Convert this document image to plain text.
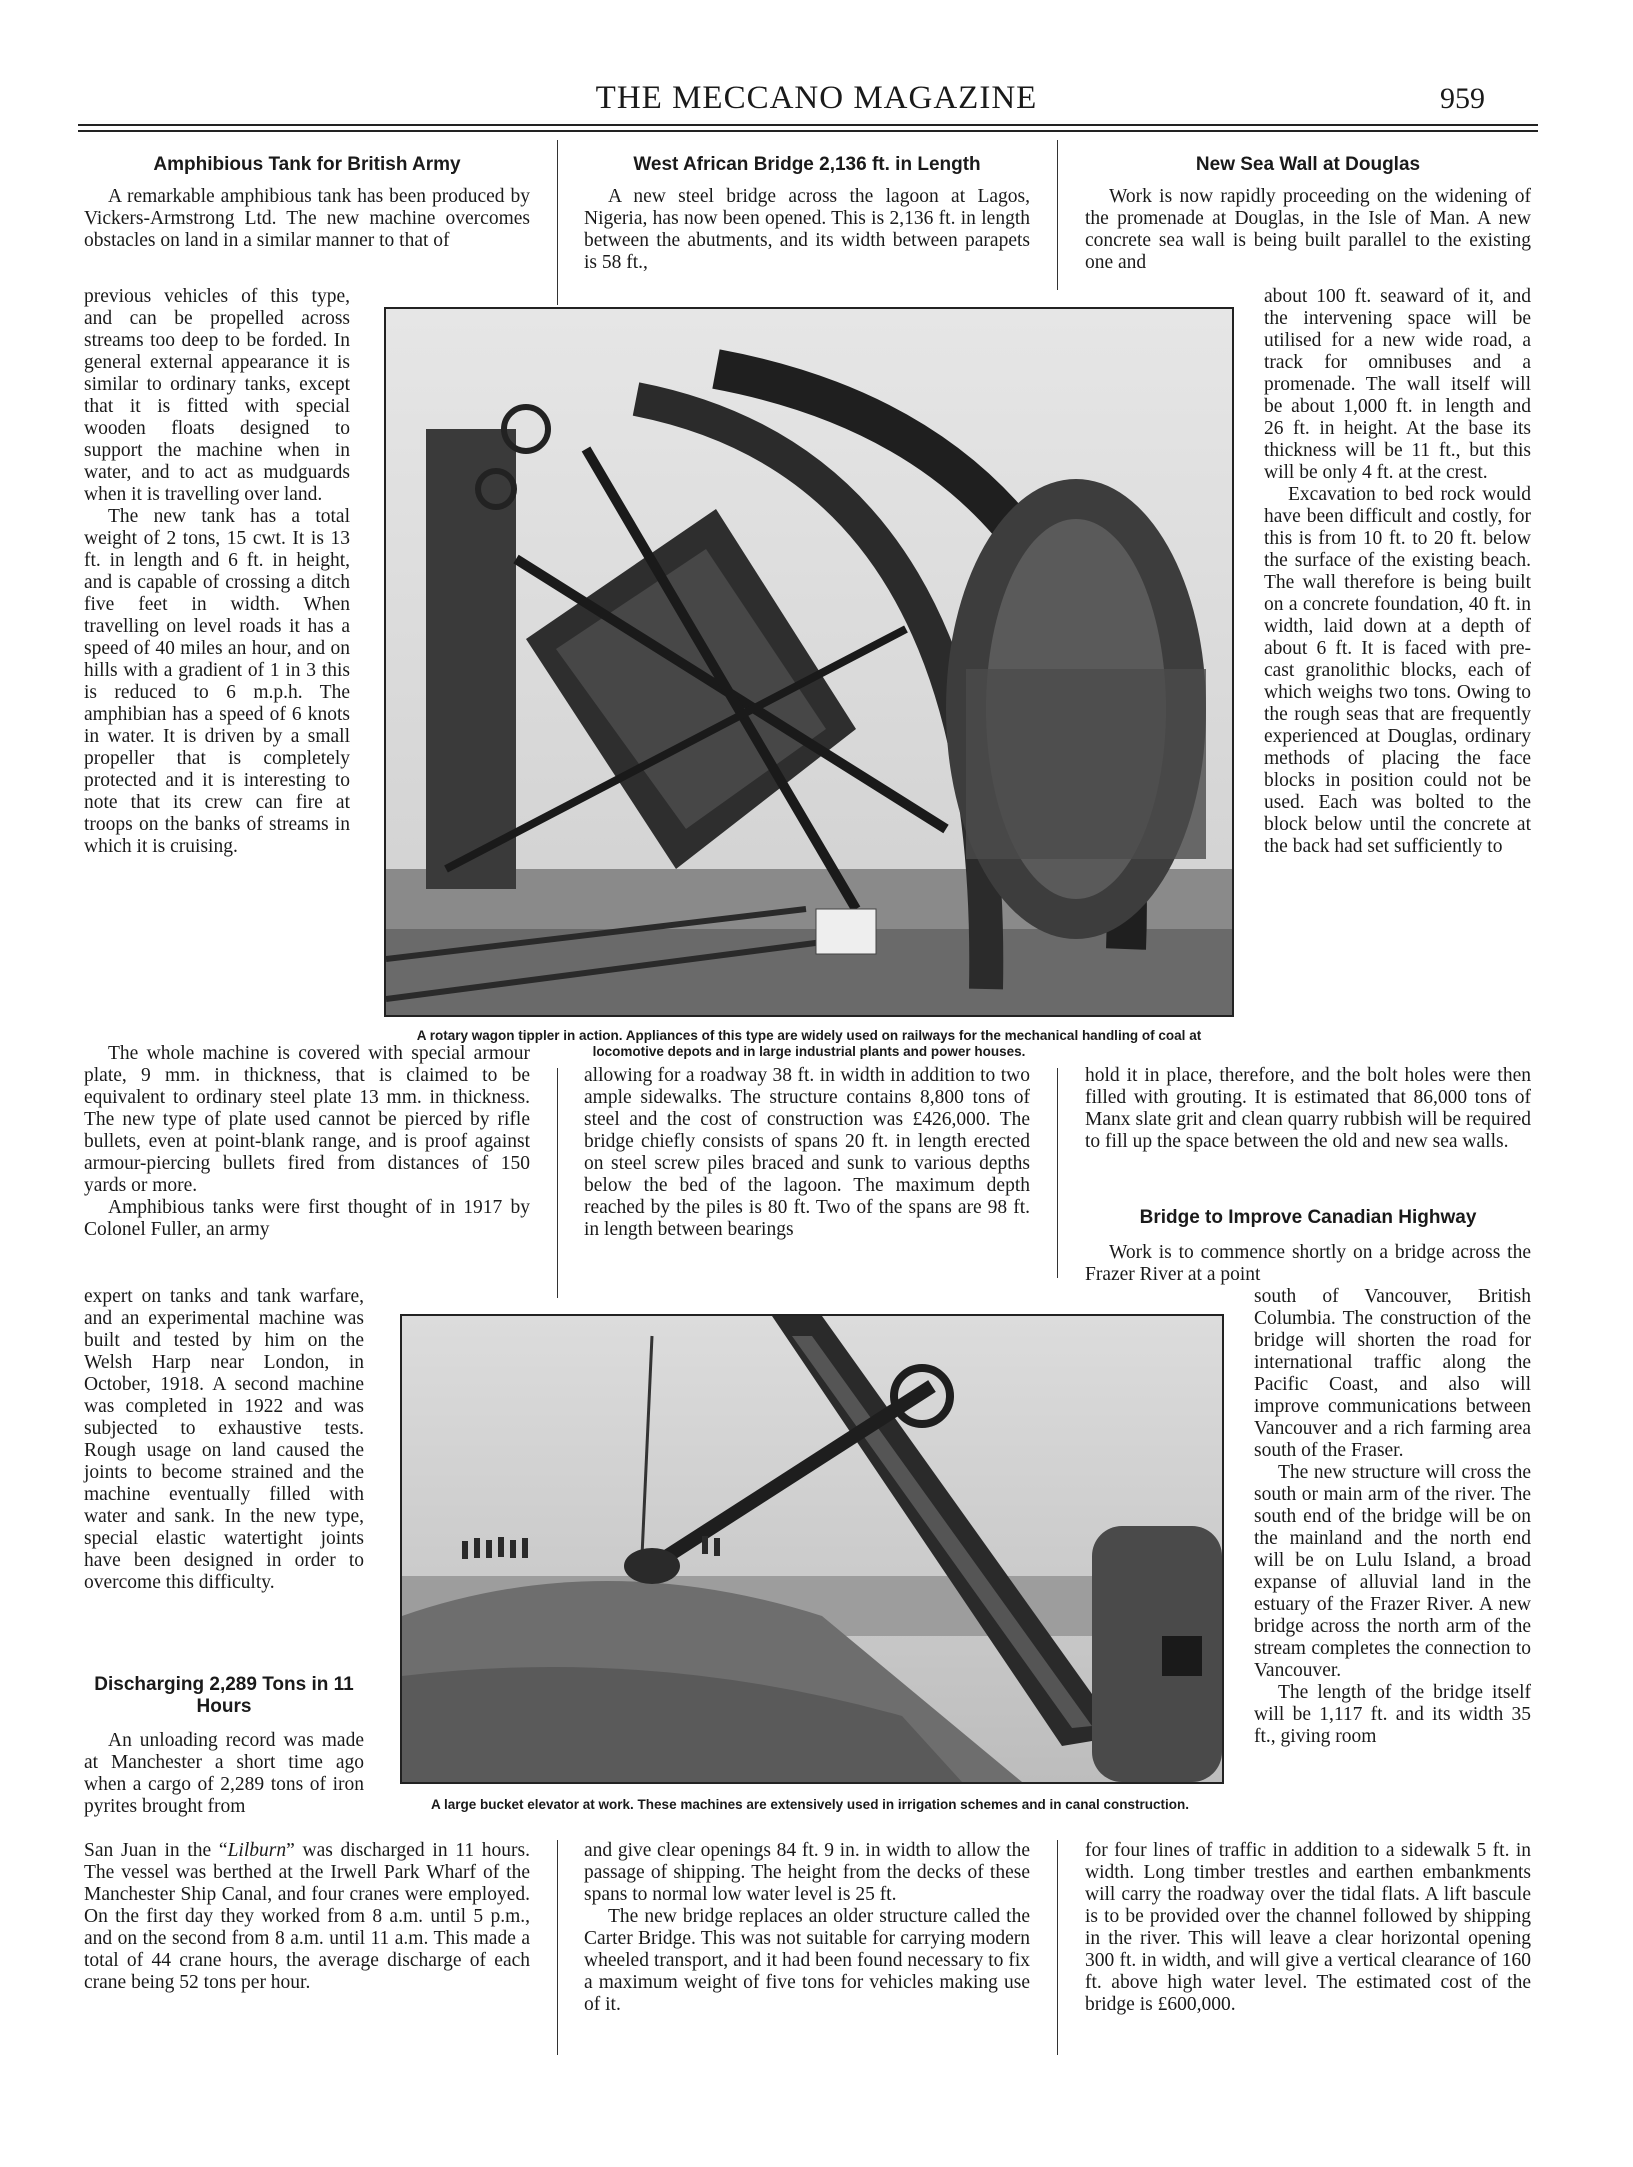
THE MECCANO MAGAZINE	959
Amphibious Tank for British Army

A remarkable amphibious tank has been produced by Vickers-Armstrong Ltd. The new machine overcomes obstacles on land in a similar manner to that of

previous vehicles of this type, and can be propelled across streams too deep to be forded. In general external appearance it is similar to ordinary tanks, except that it is fitted with special wooden floats designed to support the machine when in water, and to act as mudguards when it is travelling over land.

The new tank has a total weight of 2 tons, 15 cwt. It is 13 ft. in length and 6 ft. in height, and is capable of crossing a ditch five feet in width. When travelling on level roads it has a speed of 40 miles an hour, and on hills with a gradient of 1 in 3 this is reduced to 6 m.p.h. The amphibian has a speed of 6 knots in water. It is driven by a small propeller that is completely protected and it is interesting to note that its crew can fire at troops on the banks of streams in which it is cruising.

The whole machine is covered with special armour plate, 9 mm. in thickness, that is claimed to be equivalent to ordinary steel plate 13 mm. in thickness. The new type of plate used cannot be pierced by rifle bullets, even at point-blank range, and is proof against armour-piercing bullets fired from distances of 150 yards or more.

Amphibious tanks were first thought of in 1917 by Colonel Fuller, an army

expert on tanks and tank warfare, and an experimental machine was built and tested by him on the Welsh Harp near London, in October, 1918. A second machine was completed in 1922 and was subjected to exhaustive tests. Rough usage on land caused the joints to become strained and the machine eventually filled with water and sank. In the new type, special elastic watertight joints have been designed in order to overcome this difficulty.

Discharging 2,289 Tons in 11 Hours

An unloading record was made at Manchester a short time ago when a cargo of 2,289 tons of iron pyrites brought from

San Juan in the “Lilburn” was discharged in 11 hours. The vessel was berthed at the Irwell Park Wharf of the Manchester Ship Canal, and four cranes were employed. On the first day they worked from 8 a.m. until 5 p.m., and on the second from 8 a.m. until 11 a.m. This made a total of 44 crane hours, the average discharge of each crane being 52 tons per hour.

West African Bridge 2,136 ft. in Length

A new steel bridge across the lagoon at Lagos, Nigeria, has now been opened. This is 2,136 ft. in length between the abutments, and its width between parapets is 58 ft.,

allowing for a roadway 38 ft. in width in addition to two ample sidewalks. The structure contains 8,800 tons of steel and the cost of construction was £426,000. The bridge chiefly consists of spans 20 ft. in length erected on steel screw piles braced and sunk to various depths below the bed of the lagoon. The maximum depth reached by the piles is 80 ft. Two of the spans are 98 ft. in length between bearings

and give clear openings 84 ft. 9 in. in width to allow the passage of shipping. The height from the decks of these spans to normal low water level is 25 ft.

The new bridge replaces an older structure called the Carter Bridge. This was not suitable for carrying modern wheeled transport, and it had been found necessary to fix a maximum weight of five tons for vehicles making use of it.

New Sea Wall at Douglas

Work is now rapidly proceeding on the widening of the promenade at Douglas, in the Isle of Man. A new concrete sea wall is being built parallel to the existing one and

about 100 ft. seaward of it, and the intervening space will be utilised for a new wide road, a track for omnibuses and a promenade. The wall itself will be about 1,000 ft. in length and 26 ft. in height. At the base its thickness will be 11 ft., but this will be only 4 ft. at the crest.

Excavation to bed rock would have been difficult and costly, for this is from 10 ft. to 20 ft. below the surface of the existing beach. The wall therefore is being built on a concrete foundation, 40 ft. in width, laid down at a depth of about 6 ft. It is faced with pre-cast granolithic blocks, each of which weighs two tons. Owing to the rough seas that are frequently experienced at Douglas, ordinary methods of placing the face blocks in position could not be used. Each was bolted to the block below until the concrete at the back had set sufficiently to

hold it in place, therefore, and the bolt holes were then filled with grouting. It is estimated that 86,000 tons of Manx slate grit and clean quarry rubbish will be required to fill up the space between the old and new sea walls.

Bridge to Improve Canadian Highway

Work is to commence shortly on a bridge across the Frazer River at a point

south of Vancouver, British Columbia. The construction of the bridge will shorten the road for international traffic along the Pacific Coast, and also will improve communications between Vancouver and a rich farming area south of the Fraser.

The new structure will cross the south or main arm of the river. The south end of the bridge will be on the mainland and the north end will be on Lulu Island, a broad expanse of alluvial land in the estuary of the Frazer River. A new bridge across the north arm of the stream completes the connection to Vancouver.

The length of the bridge itself will be 1,117 ft. and its width 35 ft., giving room

for four lines of traffic in addition to a sidewalk 5 ft. in width. Long timber trestles and earthen embankments will carry the roadway over the tidal flats. A lift bascule is to be provided over the channel followed by shipping in the river. This will leave a clear horizontal opening 300 ft. in width, and will give a vertical clearance of 160 ft. above high water level. The estimated cost of the bridge is £600,000.

A rotary wagon tippler in action. Appliances of this type are widely used on railways for the mechanical handling of coal at locomotive depots and in large industrial plants and power houses.
A large bucket elevator at work. These machines are extensively used in irrigation schemes and in canal construction.
